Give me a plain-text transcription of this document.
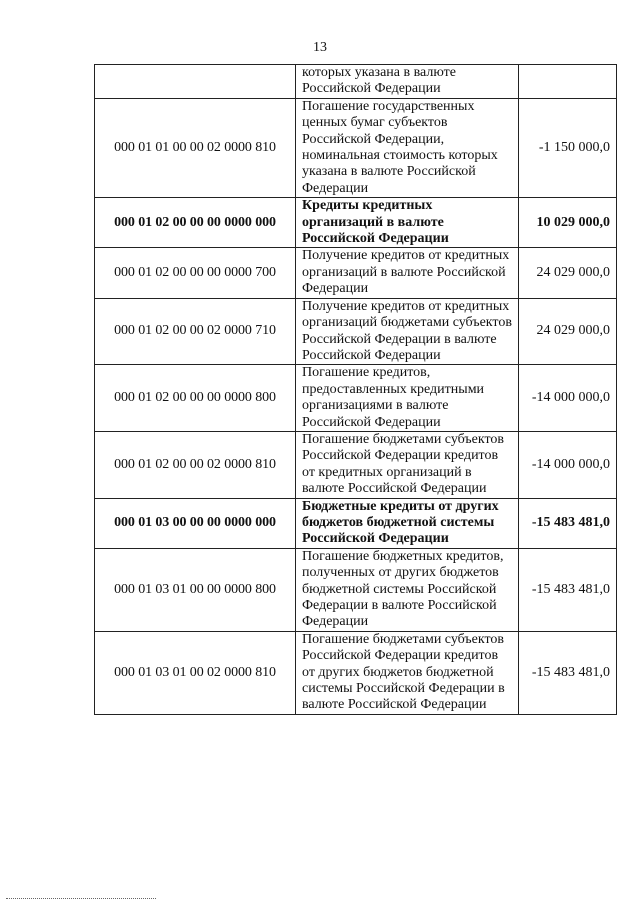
13
	которых указана в валюте Российской Федерации	
000 01 01 00 00 02 0000 810	Погашение государственных ценных бумаг субъектов Российской Федерации, номинальная стоимость которых указана в валюте Российской Федерации	-1 150 000,0
000 01 02 00 00 00 0000 000	Кредиты кредитных организаций в валюте Российской Федерации	10 029 000,0
000 01 02 00 00 00 0000 700	Получение кредитов от кредитных организаций в валюте Российской Федерации	24 029 000,0
000 01 02 00 00 02 0000 710	Получение кредитов от кредитных организаций бюджетами субъектов Российской Федерации в валюте Российской Федерации	24 029 000,0
000 01 02 00 00 00 0000 800	Погашение кредитов, предоставленных кредитными организациями в валюте Российской Федерации	-14 000 000,0
000 01 02 00 00 02 0000 810	Погашение бюджетами субъектов Российской Федерации кредитов от кредитных организаций в валюте Российской Федерации	-14 000 000,0
000 01 03 00 00 00 0000 000	Бюджетные кредиты от других бюджетов бюджетной системы Российской Федерации	-15 483 481,0
000 01 03 01 00 00 0000 800	Погашение бюджетных кредитов, полученных от других бюджетов бюджетной системы Российской Федерации в валюте Российской Федерации	-15 483 481,0
000 01 03 01 00 02 0000 810	Погашение бюджетами субъектов Российской Федерации кредитов от других бюджетов бюджетной системы Российской Федерации в валюте Российской Федерации	-15 483 481,0
